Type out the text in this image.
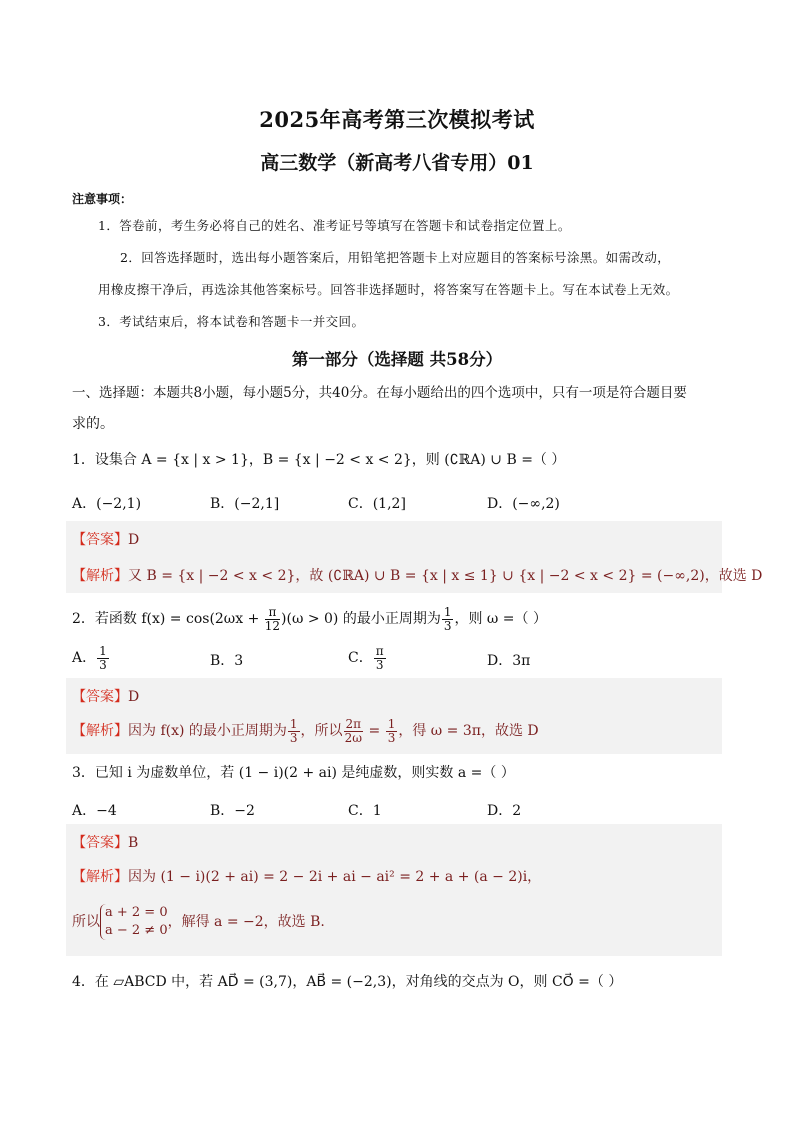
2025年高考第三次模拟考试
高三数学（新高考八省专用）01
注意事项：
1．答卷前，考生务必将自己的姓名、准考证号等填写在答题卡和试卷指定位置上。
2．回答选择题时，选出每小题答案后，用铅笔把答题卡上对应题目的答案标号涂黑。如需改动，
用橡皮擦干净后，再选涂其他答案标号。回答非选择题时，将答案写在答题卡上。写在本试卷上无效。
3．考试结束后，将本试卷和答题卡一并交回。
第一部分（选择题 共58分）
一、选择题：本题共8小题，每小题5分，共40分。在每小题给出的四个选项中，只有一项是符合题目要
求的。
1．设集合 A = {x | x > 1}，B = {x | −2 < x < 2}，则 (∁ℝA) ∪ B =（ ）
A．(−2,1)	B．(−2,1]	C．(1,2]	D．(−∞,2)
【答案】D
【解析】又 B = {x | −2 < x < 2}，故 (∁ℝA) ∪ B = {x | x ≤ 1} ∪ {x | −2 < x < 2} = (−∞,2)，故选 D
2．若函数 $f(x) = \cos(2\omega x + \frac{\pi}{12} )(\omega > 0)$ 的最小正周期为 $\frac{1}{3}$ ，则 ω =（ ）
A． $\frac{1}{3}$	B．3	C． $\frac{\pi}{3}$	D．3π
【答案】D
【解析】因为 f(x) 的最小正周期为 $\frac{1}{3}$ ，所以 $\frac{2\pi}{2\omega} = \frac{1}{3}$ ，得 ω = 3π，故选 D
3．已知 i 为虚数单位，若 (1 − i)(2 + ai) 是纯虚数，则实数 a =（ ）
A．−4	B．−2	C．1	D．2
【答案】B
【解析】因为 (1 − i)(2 + ai) = 2 − 2i + ai − ai² = 2 + a + (a − 2)i，
所以
a + 2 = 0
a − 2 ≠ 0
，解得 a = −2，故选 B.
4．在 ▱ABCD 中，若 AD⃗ = (3,7)，AB⃗ = (−2,3)，对角线的交点为 O，则 CO⃗ =（ ）
